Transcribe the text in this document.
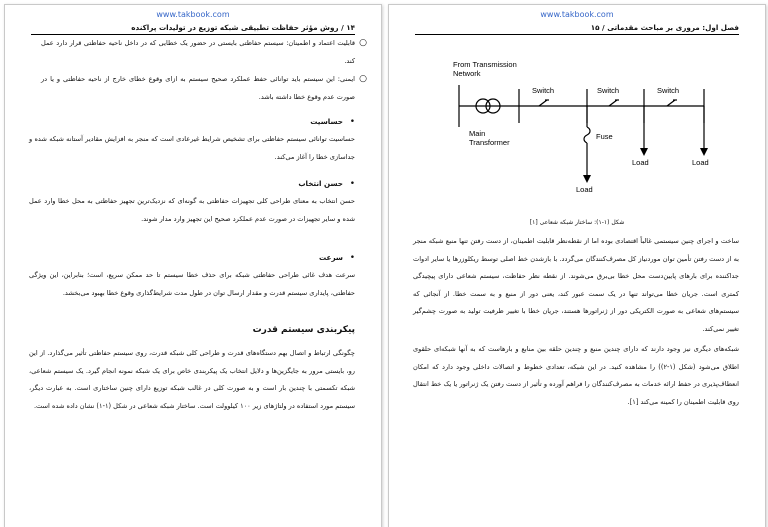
www.takbook.com
۱۴ / روش مؤثر حفاظت تطبیقی شبکه توزیع در تولیدات پراکنده
○
قابلیت اعتماد و اطمینان: سیستم حفاظتی بایستی در حضور یک خطایی که در داخل ناحیه حفاظتی قرار دارد عمل کند.
○
ایمنی: این سیستم باید توانائی حفظ عملکرد صحیح سیستم به ازای وقوع خطای خارج از ناحیه حفاظتی و یا در صورت عدم وقوع خطا داشته باشد.
•
حساسیت
حساسیت توانائی سیستم حفاظتی برای تشخیص شرایط غیرعادی است که منجر به افزایش مقادیر آستانه شبکه شده و جداسازی خطا را آغاز می‌کند.
•
حسن انتخاب
حسن انتخاب به معنای طراحی کلی تجهیزات حفاظتی به گونه‌ای که نزدیک‌ترین تجهیز حفاظتی به محل خطا وارد عمل شده و سایر تجهیزات در صورت عدم عملکرد صحیح این تجهیز وارد مدار شوند.
•
سرعت
سرعت هدف غائی طراحی حفاظتی شبکه برای حذف خطا سیستم تا حد ممکن سریع، است؛ بنابراین، این ویژگی حفاظتی، پایداری سیستم قدرت و مقدار ارسال توان در طول مدت شرایط‌گذاری وقوع خطا بهبود می‌بخشد.
پیکربندی سیستم قدرت
چگونگی ارتباط و اتصال بهم دستگاه‌های قدرت و طراحی کلی شبکه قدرت، روی سیستم حفاظتی تأثیر می‌گذارد. از این رو، بایستی مرور به جایگزین‌ها و دلایل انتخاب یک پیکربندی خاص برای یک شبکه نمونه انجام گیرد. یک سیستم شعاعی، شبکه تکسمتی با چندین بار است و به صورت کلی در غالب شبکه توزیع دارای چنین ساختاری است. به عبارت دیگر، سیستم مورد استفاده در ولتاژهای زیر ۱۰۰ کیلوولت است. ساختار شبکه شعاعی در شکل (۱-۱) نشان داده شده است.
www.takbook.com
فصل اول: مروری بر مباحث مقدماتی / ۱۵
From Transmission
Network
Switch	Switch	Switch
Fuse
Main
Transformer
Load	Load
Load
شکل (۱-۱): ساختار شبکه شعاعی [۱]
ساخت و اجرای چنین سیستمی غالباً اقتصادی بوده اما از نقطه‌نظر قابلیت اطمینان، از دست رفتن تنها منبع شبکه منجر به از دست رفتن تأمین توان موردنیاز کل مصرف‌کنندگان می‌گردد. با بازشدن خط اصلی توسط ریکلوزرها یا سایر ادوات جداکننده برای بارهای پایین‌دست محل خطا بی‌برق می‌شوند. از نقطه نظر حفاظت، سیستم شعاعی دارای پیچیدگی کمتری است. جریان خطا می‌تواند تنها در یک سمت عبور کند، یعنی دور از منبع و به سمت خطا. از آنجائی که سیستم‌های شعاعی به صورت الکتریکی دور از ژنراتورها هستند، جریان خطا با تغییر ظرفیت تولید به صورت چشم‌گیر تغییر نمی‌کند.
شبکه‌های دیگری نیز وجود دارند که دارای چندین منبع و چندین حلقه بین منابع و بارهاست که به آنها شبکه‌ای حلقوی اطلاق می‌شود (شکل (۱-۲)) را مشاهده کنید. در این شبکه، تعدادی خطوط و اتصالات داخلی وجود دارد که امکان انعطاف‌پذیری در حفظ ارائه خدمات به مصرف‌کنندگان را فراهم آورده و تأثیر از دست رفتن یک ژنراتور یا یک خط انتقال روی قابلیت اطمینان را کمینه می‌کند [۱].
